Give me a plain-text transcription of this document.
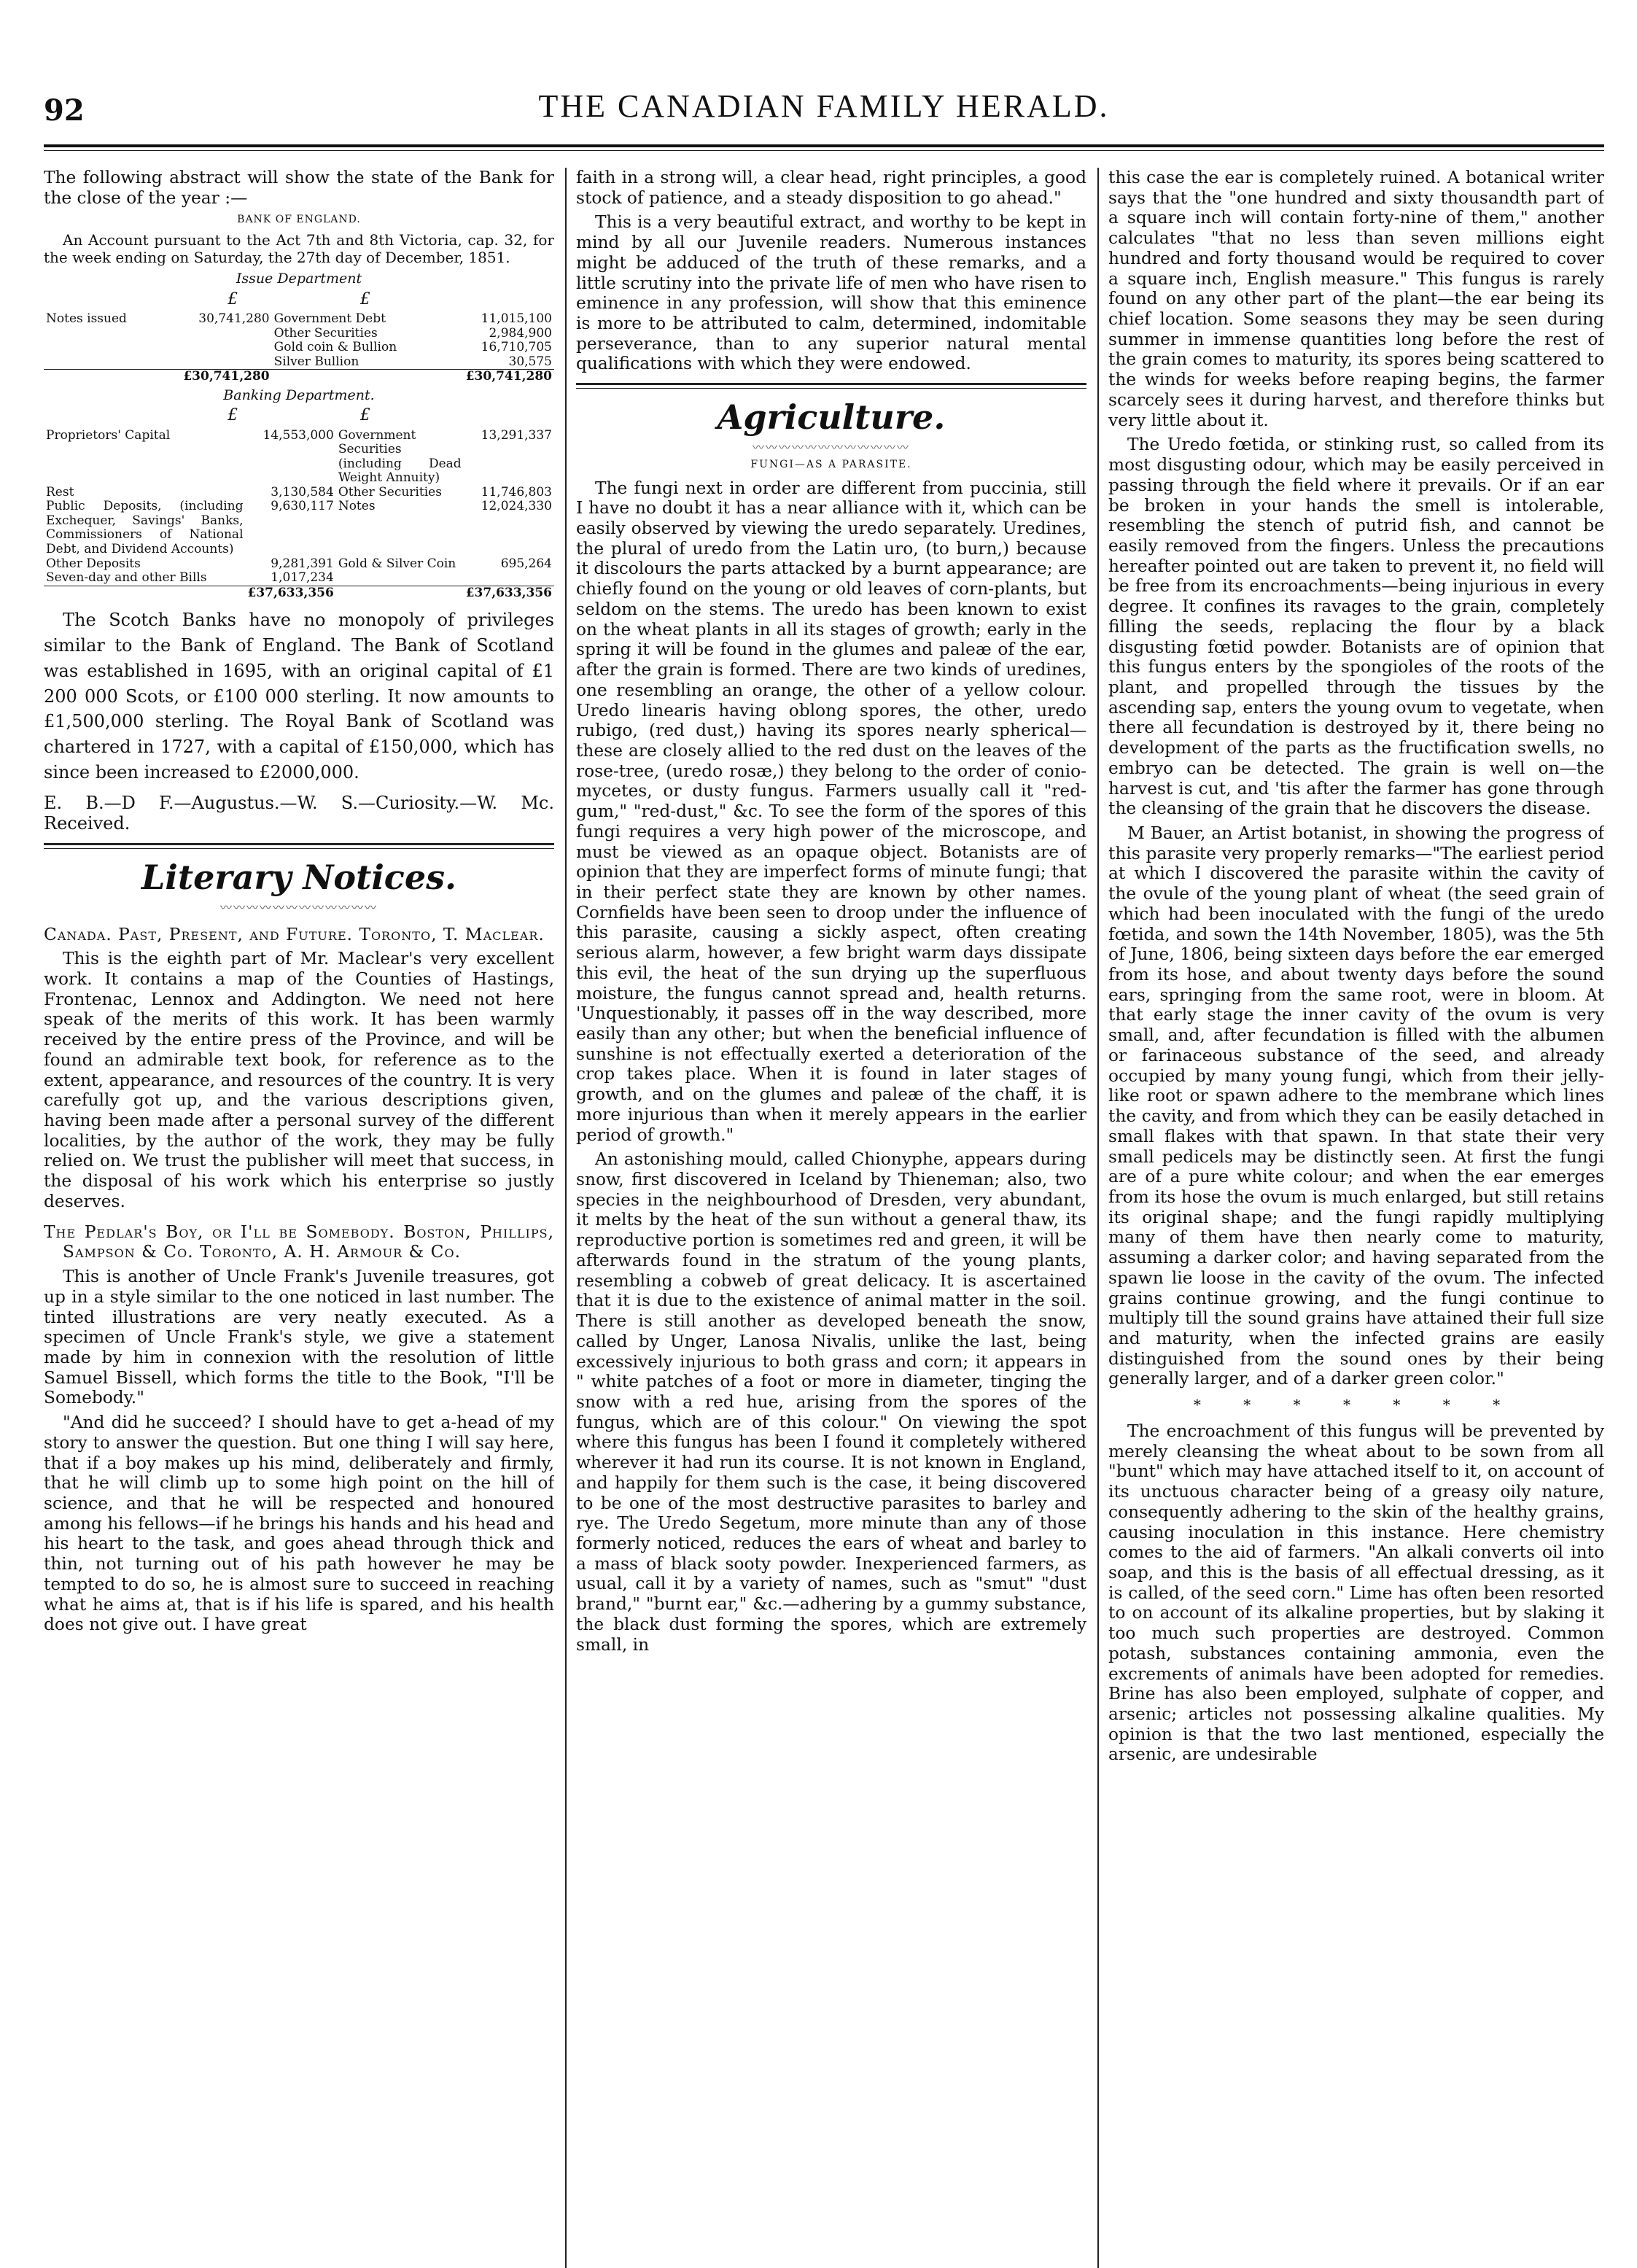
92	THE CANADIAN FAMILY HERALD.

The following abstract will show the state of the Bank for the close of the year :—

BANK OF ENGLAND.

An Account pursuant to the Act 7th and 8th Victoria, cap. 32, for the week ending on Saturday, the 27th day of December, 1851.

Issue Department
£                        £
Notes issued	30,741,280	Government Debt	11,015,100
		Other Securities	2,984,900
		Gold coin & Bullion	16,710,705
		Silver Bullion	30,575
	£30,741,280		£30,741,280
Banking Department.
£                        £
Proprietors' Capital	14,553,000	Government Securities (including Dead Weight Annuity)	13,291,337
Rest	3,130,584	Other Securities	11,746,803
Public Deposits, (including Exchequer, Savings' Banks, Commissioners of National Debt, and Dividend Accounts)	9,630,117	Notes	12,024,330
Other Deposits	9,281,391	Gold & Silver Coin	695,264
Seven-day and other Bills	1,017,234		
	£37,633,356		£37,633,356

The Scotch Banks have no monopoly of privileges similar to the Bank of England. The Bank of Scotland was established in 1695, with an original capital of £1 200 000 Scots, or £100 000 sterling. It now amounts to £1,500,000 sterling. The Royal Bank of Scotland was chartered in 1727, with a capital of £150,000, which has since been increased to £2000,000.

E. B.—D F.—Augustus.—W. S.—Curiosity.—W. Mc. Received.
Literary Notices.
〰〰〰〰〰〰〰〰〰〰〰〰

Canada. Past, Present, and Future. Toronto, T. Maclear.

This is the eighth part of Mr. Maclear's very excellent work. It contains a map of the Counties of Hastings, Frontenac, Lennox and Addington. We need not here speak of the merits of this work. It has been warmly received by the entire press of the Province, and will be found an admirable text book, for reference as to the extent, appearance, and resources of the country. It is very carefully got up, and the various descriptions given, having been made after a personal survey of the different localities, by the author of the work, they may be fully relied on. We trust the publisher will meet that success, in the disposal of his work which his enterprise so justly deserves.

The Pedlar's Boy, or I'll be Somebody. Boston, Phillips, Sampson & Co. Toronto, A. H. Armour & Co.

This is another of Uncle Frank's Juvenile treasures, got up in a style similar to the one noticed in last number. The tinted illustrations are very neatly executed. As a specimen of Uncle Frank's style, we give a statement made by him in connexion with the resolution of little Samuel Bissell, which forms the title to the Book, "I'll be Somebody."

"And did he succeed? I should have to get a-head of my story to answer the question. But one thing I will say here, that if a boy makes up his mind, deliberately and firmly, that he will climb up to some high point on the hill of science, and that he will be respected and honoured among his fellows—if he brings his hands and his head and his heart to the task, and goes ahead through thick and thin, not turning out of his path however he may be tempted to do so, he is almost sure to succeed in reaching what he aims at, that is if his life is spared, and his health does not give out. I have great

faith in a strong will, a clear head, right principles, a good stock of patience, and a steady disposition to go ahead."

This is a very beautiful extract, and worthy to be kept in mind by all our Juvenile readers. Numerous instances might be adduced of the truth of these remarks, and a little scrutiny into the private life of men who have risen to eminence in any profession, will show that this eminence is more to be attributed to calm, determined, indomitable perseverance, than to any superior natural mental qualifications with which they were endowed.

Agriculture.
〰〰〰〰〰〰〰〰〰〰〰〰
FUNGI—AS A PARASITE.

The fungi next in order are different from puccinia, still I have no doubt it has a near alliance with it, which can be easily observed by viewing the uredo separately. Uredines, the plural of uredo from the Latin uro, (to burn,) because it discolours the parts attacked by a burnt appearance; are chiefly found on the young or old leaves of corn-plants, but seldom on the stems. The uredo has been known to exist on the wheat plants in all its stages of growth; early in the spring it will be found in the glumes and paleæ of the ear, after the grain is formed. There are two kinds of uredines, one resembling an orange, the other of a yellow colour. Uredo linearis having oblong spores, the other, uredo rubigo, (red dust,) having its spores nearly spherical—these are closely allied to the red dust on the leaves of the rose-tree, (uredo rosæ,) they belong to the order of conio-mycetes, or dusty fungus. Farmers usually call it "red-gum," "red-dust," &c. To see the form of the spores of this fungi requires a very high power of the microscope, and must be viewed as an opaque object. Botanists are of opinion that they are imperfect forms of minute fungi; that in their perfect state they are known by other names. Cornfields have been seen to droop under the influence of this parasite, causing a sickly aspect, often creating serious alarm, however, a few bright warm days dissipate this evil, the heat of the sun drying up the superfluous moisture, the fungus cannot spread and, health returns. 'Unquestionably, it passes off in the way described, more easily than any other; but when the beneficial influence of sunshine is not effectually exerted a deterioration of the crop takes place. When it is found in later stages of growth, and on the glumes and paleæ of the chaff, it is more injurious than when it merely appears in the earlier period of growth."

An astonishing mould, called Chionyphe, appears during snow, first discovered in Iceland by Thieneman; also, two species in the neighbourhood of Dresden, very abundant, it melts by the heat of the sun without a general thaw, its reproductive portion is sometimes red and green, it will be afterwards found in the stratum of the young plants, resembling a cobweb of great delicacy. It is ascertained that it is due to the existence of animal matter in the soil. There is still another as developed beneath the snow, called by Unger, Lanosa Nivalis, unlike the last, being excessively injurious to both grass and corn; it appears in " white patches of a foot or more in diameter, tinging the snow with a red hue, arising from the spores of the fungus, which are of this colour." On viewing the spot where this fungus has been I found it completely withered wherever it had run its course. It is not known in England, and happily for them such is the case, it being discovered to be one of the most destructive parasites to barley and rye. The Uredo Segetum, more minute than any of those formerly noticed, reduces the ears of wheat and barley to a mass of black sooty powder. Inexperienced farmers, as usual, call it by a variety of names, such as "smut" "dust brand," "burnt ear," &c.—adhering by a gummy substance, the black dust forming the spores, which are extremely small, in

this case the ear is completely ruined. A botanical writer says that the "one hundred and sixty thousandth part of a square inch will contain forty-nine of them," another calculates "that no less than seven millions eight hundred and forty thousand would be required to cover a square inch, English measure." This fungus is rarely found on any other part of the plant—the ear being its chief location. Some seasons they may be seen during summer in immense quantities long before the rest of the grain comes to maturity, its spores being scattered to the winds for weeks before reaping begins, the farmer scarcely sees it during harvest, and therefore thinks but very little about it.

The Uredo fœtida, or stinking rust, so called from its most disgusting odour, which may be easily perceived in passing through the field where it prevails. Or if an ear be broken in your hands the smell is intolerable, resembling the stench of putrid fish, and cannot be easily removed from the fingers. Unless the precautions hereafter pointed out are taken to prevent it, no field will be free from its encroachments—being injurious in every degree. It confines its ravages to the grain, completely filling the seeds, replacing the flour by a black disgusting fœtid powder. Botanists are of opinion that this fungus enters by the spongioles of the roots of the plant, and propelled through the tissues by the ascending sap, enters the young ovum to vegetate, when there all fecundation is destroyed by it, there being no development of the parts as the fructification swells, no embryo can be detected. The grain is well on—the harvest is cut, and 'tis after the farmer has gone through the cleansing of the grain that he discovers the disease.

M Bauer, an Artist botanist, in showing the progress of this parasite very properly remarks—"The earliest period at which I discovered the parasite within the cavity of the ovule of the young plant of wheat (the seed grain of which had been inoculated with the fungi of the uredo fœtida, and sown the 14th November, 1805), was the 5th of June, 1806, being sixteen days before the ear emerged from its hose, and about twenty days before the sound ears, springing from the same root, were in bloom. At that early stage the inner cavity of the ovum is very small, and, after fecundation is filled with the albumen or farinaceous substance of the seed, and already occupied by many young fungi, which from their jelly-like root or spawn adhere to the membrane which lines the cavity, and from which they can be easily detached in small flakes with that spawn. In that state their very small pedicels may be distinctly seen. At first the fungi are of a pure white colour; and when the ear emerges from its hose the ovum is much enlarged, but still retains its original shape; and the fungi rapidly multiplying many of them have then nearly come to maturity, assuming a darker color; and having separated from the spawn lie loose in the cavity of the ovum. The infected grains continue growing, and the fungi continue to multiply till the sound grains have attained their full size and maturity, when the infected grains are easily distinguished from the sound ones by their being generally larger, and of a darker green color."

* * * * * * *

The encroachment of this fungus will be prevented by merely cleansing the wheat about to be sown from all "bunt" which may have attached itself to it, on account of its unctuous character being of a greasy oily nature, consequently adhering to the skin of the healthy grains, causing inoculation in this instance. Here chemistry comes to the aid of farmers. "An alkali converts oil into soap, and this is the basis of all effectual dressing, as it is called, of the seed corn." Lime has often been resorted to on account of its alkaline properties, but by slaking it too much such properties are destroyed. Common potash, substances containing ammonia, even the excrements of animals have been adopted for remedies. Brine has also been employed, sulphate of copper, and arsenic; articles not possessing alkaline qualities. My opinion is that the two last mentioned, especially the arsenic, are undesirable
